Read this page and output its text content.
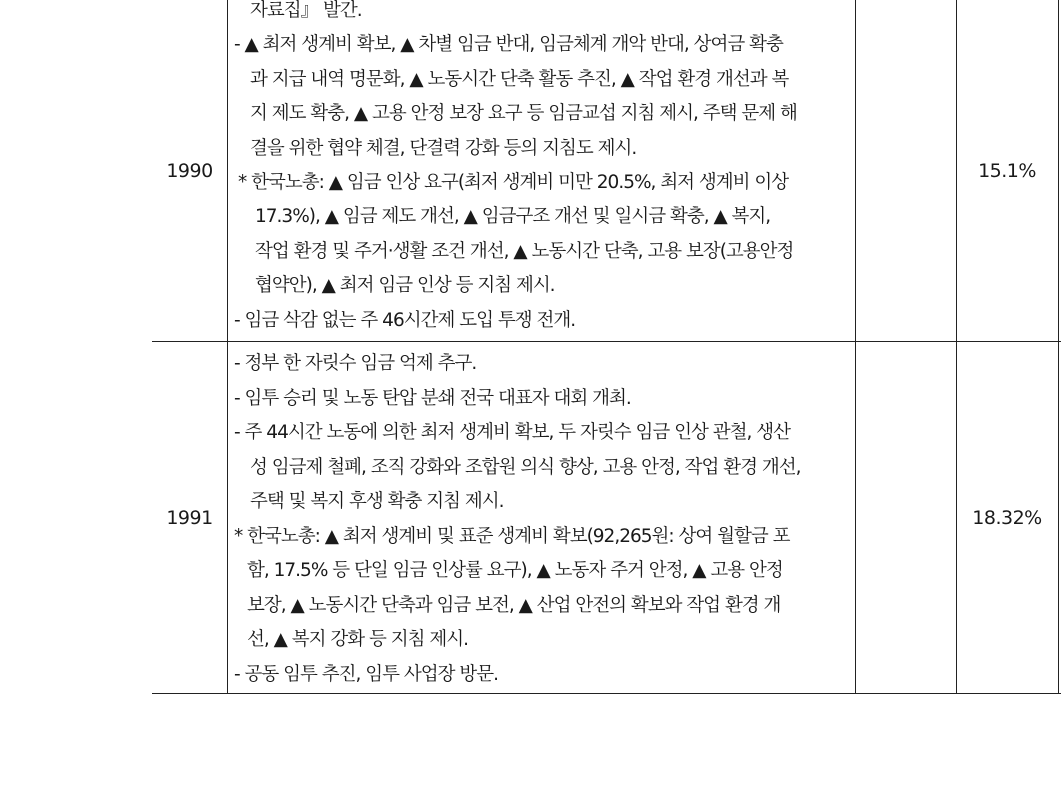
1990
자료집』 발간.
- ▲ 최저 생계비 확보, ▲ 차별 임금 반대, 임금체계 개악 반대, 상여금 확충
과 지급 내역 명문화, ▲ 노동시간 단축 활동 추진, ▲ 작업 환경 개선과 복
지 제도 확충, ▲ 고용 안정 보장 요구 등 임금교섭 지침 제시, 주택 문제 해
결을 위한 협약 체결, 단결력 강화 등의 지침도 제시.
* 한국노총: ▲ 임금 인상 요구(최저 생계비 미만 20.5%, 최저 생계비 이상
17.3%), ▲ 임금 제도 개선, ▲ 임금구조 개선 및 일시금 확충, ▲ 복지,
작업 환경 및 주거·생활 조건 개선, ▲ 노동시간 단축, 고용 보장(고용안정
협약안), ▲ 최저 임금 인상 등 지침 제시.
- 임금 삭감 없는 주 46시간제 도입 투쟁 전개.
15.1%
1991
- 정부 한 자릿수 임금 억제 추구.
- 임투 승리 및 노동 탄압 분쇄 전국 대표자 대회 개최.
- 주 44시간 노동에 의한 최저 생계비 확보, 두 자릿수 임금 인상 관철, 생산
성 임금제 철폐, 조직 강화와 조합원 의식 향상, 고용 안정, 작업 환경 개선,
주택 및 복지 후생 확충 지침 제시.
* 한국노총: ▲ 최저 생계비 및 표준 생계비 확보(92,265원: 상여 월할금 포
함, 17.5% 등 단일 임금 인상률 요구), ▲ 노동자 주거 안정, ▲ 고용 안정
보장, ▲ 노동시간 단축과 임금 보전, ▲ 산업 안전의 확보와 작업 환경 개
선, ▲ 복지 강화 등 지침 제시.
- 공동 임투 추진, 임투 사업장 방문.
18.32%
